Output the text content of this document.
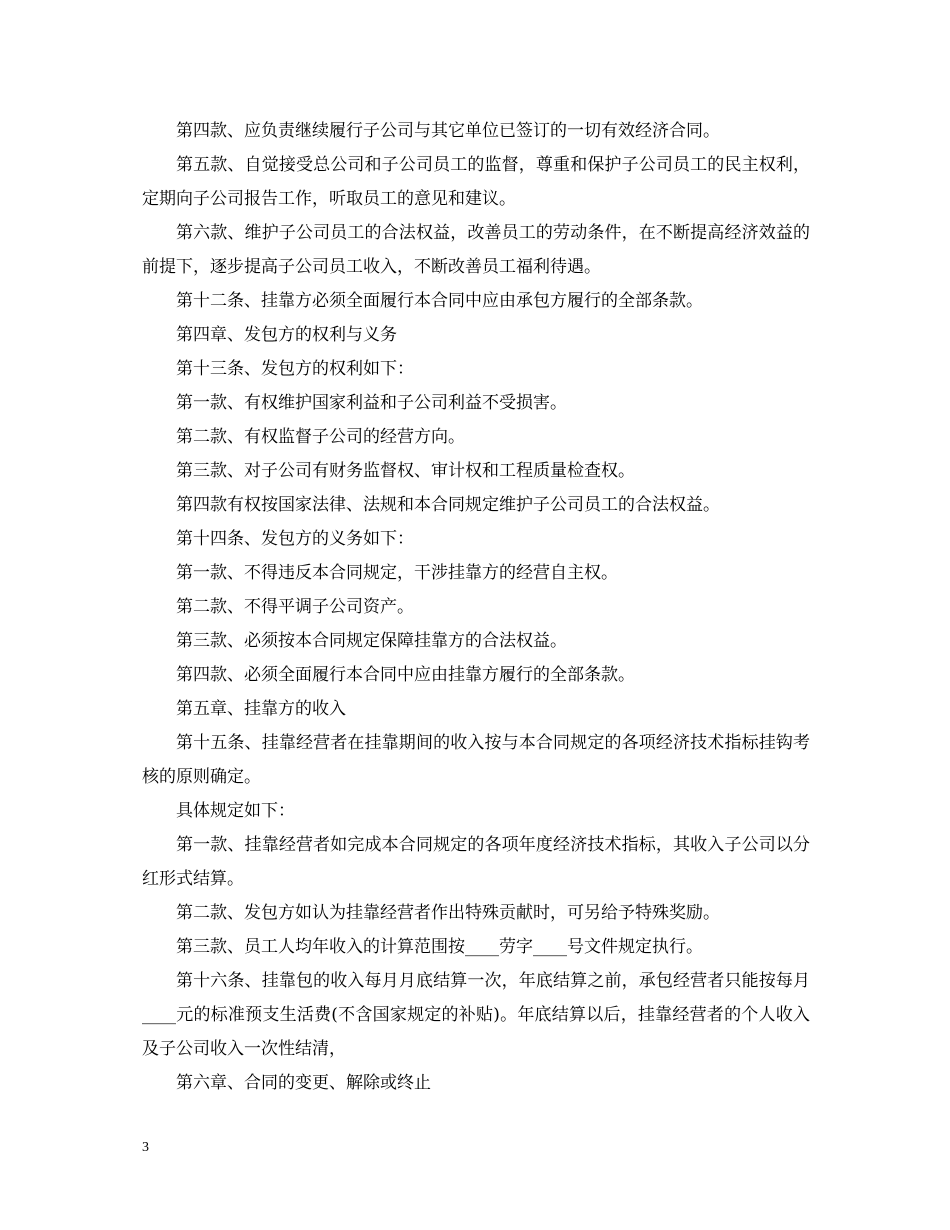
第四款、应负责继续履行子公司与其它单位已签订的一切有效经济合同。

第五款、自觉接受总公司和子公司员工的监督，尊重和保护子公司员工的民主权利，定期向子公司报告工作，听取员工的意见和建议。

第六款、维护子公司员工的合法权益，改善员工的劳动条件，在不断提高经济效益的前提下，逐步提高子公司员工收入，不断改善员工福利待遇。

第十二条、挂靠方必须全面履行本合同中应由承包方履行的全部条款。

第四章、发包方的权利与义务

第十三条、发包方的权利如下：

第一款、有权维护国家利益和子公司利益不受损害。

第二款、有权监督子公司的经营方向。

第三款、对子公司有财务监督权、审计权和工程质量检查权。

第四款有权按国家法律、法规和本合同规定维护子公司员工的合法权益。

第十四条、发包方的义务如下：

第一款、不得违反本合同规定，干涉挂靠方的经营自主权。

第二款、不得平调子公司资产。

第三款、必须按本合同规定保障挂靠方的合法权益。

第四款、必须全面履行本合同中应由挂靠方履行的全部条款。

第五章、挂靠方的收入

第十五条、挂靠经营者在挂靠期间的收入按与本合同规定的各项经济技术指标挂钩考核的原则确定。

具体规定如下：

第一款、挂靠经营者如完成本合同规定的各项年度经济技术指标，其收入子公司以分红形式结算。

第二款、发包方如认为挂靠经营者作出特殊贡献时，可另给予特殊奖励。

第三款、员工人均年收入的计算范围按____劳字____号文件规定执行。

第十六条、挂靠包的收入每月月底结算一次，年底结算之前，承包经营者只能按每月____元的标准预支生活费(不含国家规定的补贴)。年底结算以后，挂靠经营者的个人收入及子公司收入一次性结清，

第六章、合同的变更、解除或终止

3
